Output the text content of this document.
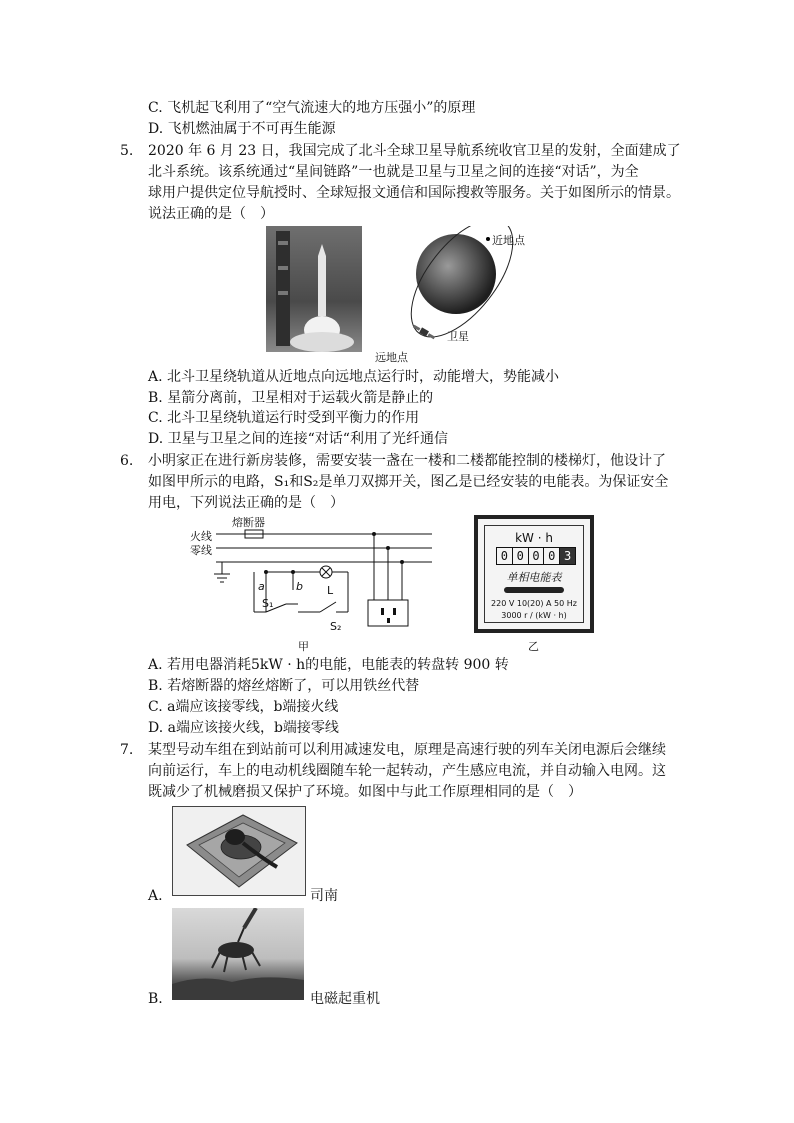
C. 飞机起飞利用了“空气流速大的地方压强小”的原理
D. 飞机燃油属于不可再生能源
5. 2020 年 6 月 23 日，我国完成了北斗全球卫星导航系统收官卫星的发射，全面建成了
北斗系统。该系统通过“星间链路”一也就是卫星与卫星之间的连接“对话”，为全
球用户提供定位导航授时、全球短报文通信和国际搜救等服务。关于如图所示的情景。
说法正确的是（　）
近地点
卫星
远地点
A. 北斗卫星绕轨道从近地点向远地点运行时，动能增大，势能减小
B. 星箭分离前，卫星相对于运载火箭是静止的
C. 北斗卫星绕轨道运行时受到平衡力的作用
D. 卫星与卫星之间的连接“对话“利用了光纤通信
6. 小明家正在进行新房装修，需要安装一盏在一楼和二楼都能控制的楼梯灯，他设计了
如图甲所示的电路，S₁和S₂是单刀双掷开关，图乙是已经安装的电能表。为保证安全
用电，下列说法正确的是（　）
熔断器
火线
零线
a	b L
S₁
S₂
甲
kW · h
0 0 0 0 3
单相电能表
220 V 10(20) A 50 Hz
3000 r / (kW · h)
乙
A. 若用电器消耗5kW · h的电能，电能表的转盘转 900 转
B. 若熔断器的熔丝熔断了，可以用铁丝代替
C. a端应该接零线，b端接火线
D. a端应该接火线，b端接零线
7. 某型号动车组在到站前可以利用减速发电，原理是高速行驶的列车关闭电源后会继续
向前运行，车上的电动机线圈随车轮一起转动，产生感应电流，并自动输入电网。这
既减少了机械磨损又保护了环境。如图中与此工作原理相同的是（　）
A.	司南
B.	电磁起重机
